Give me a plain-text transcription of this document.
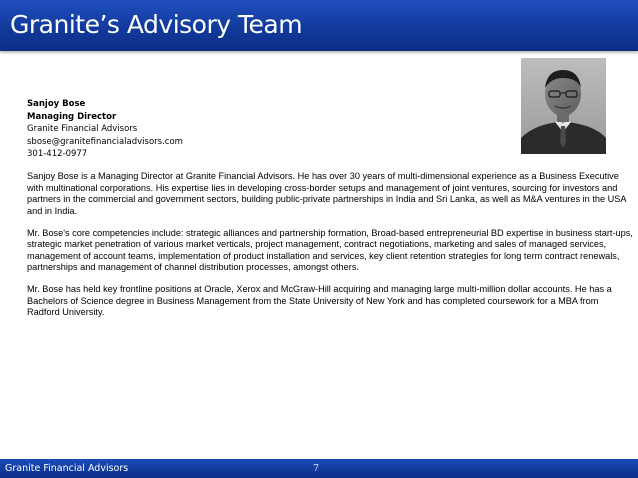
Granite’s Advisory Team
Sanjoy Bose
Managing Director
Granite Financial Advisors
sbose@granitefinancialadvisors.com
301-412-0977

Sanjoy Bose is a Managing Director at Granite Financial Advisors. He has over 30 years of multi-dimensional experience as a Business Executive with multinational corporations. His expertise lies in developing cross-border setups and management of joint ventures, sourcing for investors and partners in the commercial and government sectors, building public-private partnerships in India and Sri Lanka, as well as M&A ventures in the USA and in India.

Mr. Bose's core competencies include: strategic alliances and partnership formation, Broad-based entrepreneurial BD expertise in business start-ups, strategic market penetration of various market verticals, project management, contract negotiations, marketing and sales of managed services, management of account teams, implementation of product installation and services, key client retention strategies for long term contract renewals, partnerships and management of channel distribution processes, amongst others.

Mr. Bose has held key frontline positions at Oracle, Xerox and McGraw-Hill acquiring and managing large multi-million dollar accounts. He has a Bachelors of Science degree in Business Management from the State University of New York and has completed coursework for a MBA from Radford University.

Granite Financial Advisors	7
